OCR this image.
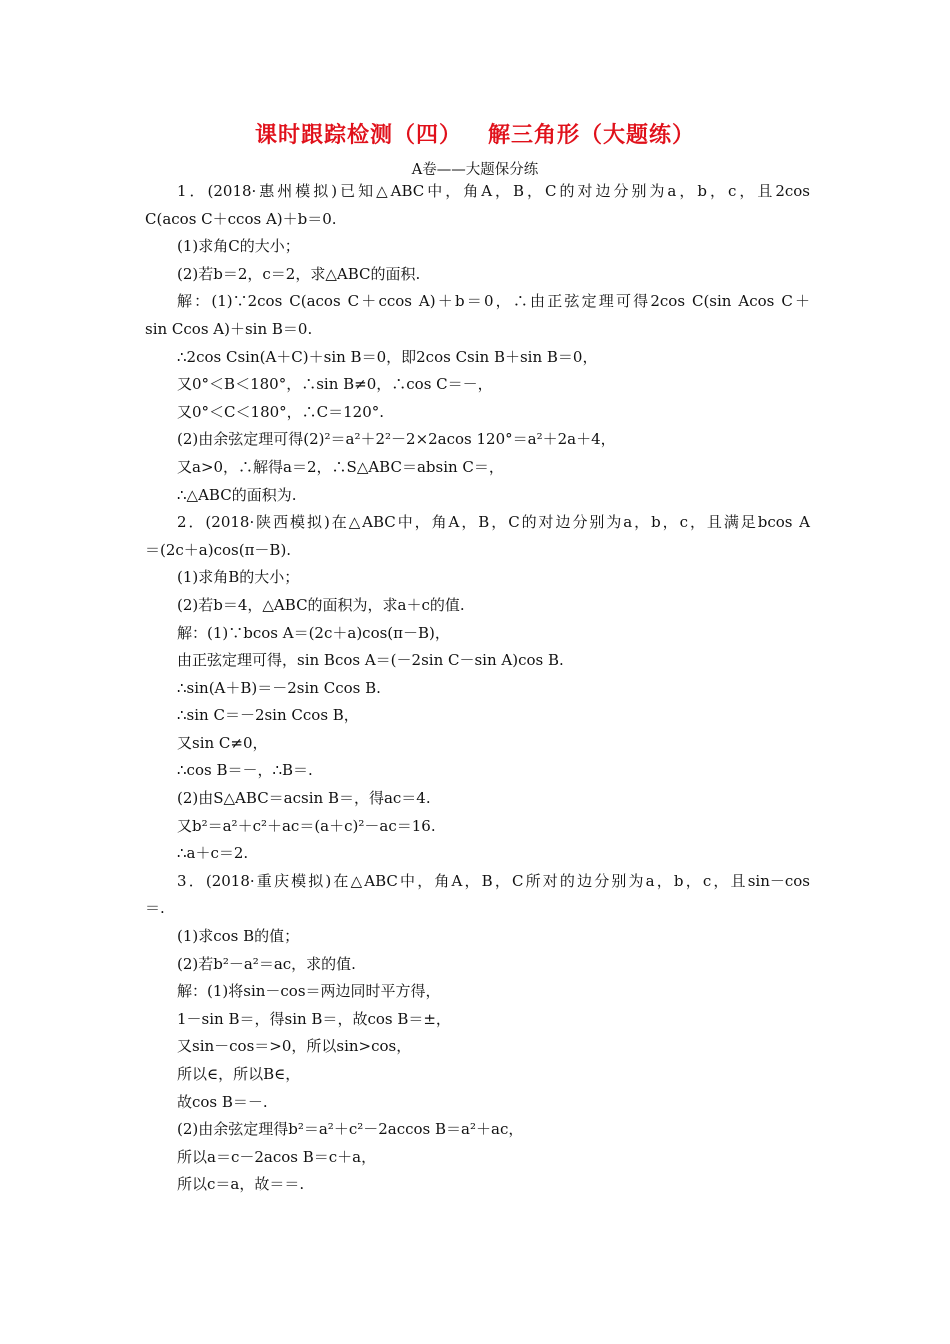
课时跟踪检测（四） 解三角形（大题练）
A卷——大题保分练
1．(2018·惠州模拟)已知△ABC中，角A，B，C的对边分别为a，b，c，且2cos
C(acos C＋ccos A)＋b＝0.
(1)求角C的大小；
(2)若b＝2，c＝2，求△ABC的面积.
解：(1)∵2cos C(acos C＋ccos A)＋b＝0，∴由正弦定理可得2cos C(sin Acos C＋
sin Ccos A)＋sin B＝0.
∴2cos Csin(A＋C)＋sin B＝0，即2cos Csin B＋sin B＝0，
又0°＜B＜180°，∴sin B≠0，∴cos C＝－，
又0°＜C＜180°，∴C＝120°.
(2)由余弦定理可得(2)²＝a²＋2²－2×2acos 120°＝a²＋2a＋4，
又a>0，∴解得a＝2，∴S△ABC＝absin C＝，
∴△ABC的面积为.
2．(2018·陕西模拟)在△ABC中，角A，B，C的对边分别为a，b，c，且满足bcos A
＝(2c＋a)cos(π－B).
(1)求角B的大小；
(2)若b＝4，△ABC的面积为，求a＋c的值.
解：(1)∵bcos A＝(2c＋a)cos(π－B)，
由正弦定理可得，sin Bcos A＝(－2sin C－sin A)cos B.
∴sin(A＋B)＝－2sin Ccos B.
∴sin C＝－2sin Ccos B，
又sin C≠0，
∴cos B＝－，∴B＝.
(2)由S△ABC＝acsin B＝，得ac＝4.
又b²＝a²＋c²＋ac＝(a＋c)²－ac＝16.
∴a＋c＝2.
3．(2018·重庆模拟)在△ABC中，角A，B，C所对的边分别为a，b，c，且sin－cos
＝.
(1)求cos B的值；
(2)若b²－a²＝ac，求的值.
解：(1)将sin－cos＝两边同时平方得，
1－sin B＝，得sin B＝，故cos B＝±，
又sin－cos＝>0，所以sin>cos，
所以∈，所以B∈，
故cos B＝－.
(2)由余弦定理得b²＝a²＋c²－2accos B＝a²＋ac，
所以a＝c－2acos B＝c＋a，
所以c＝a，故＝＝.
